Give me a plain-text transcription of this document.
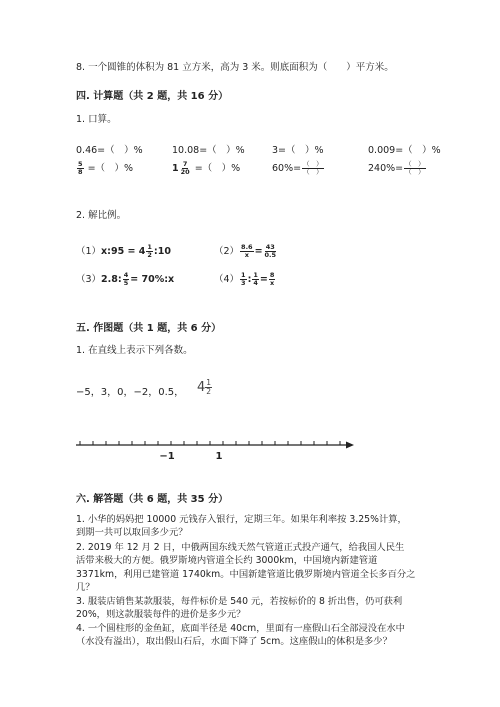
8. 一个圆锥的体积为 81 立方米，高为 3 米。则底面积为（　　）平方米。
四. 计算题（共 2 题，共 16 分）
1. 口算。
0.46=（　）%	10.08=（　）%	3=（　）%	0.009=（　）%
$\frac{5}{8}$ =（　）%	$1 \frac{7}{20}$ =（　）%	$60\%= \frac{( )}{( )}$	$240\%= \frac{( )}{( )}$
2. 解比例。
（1）x:95 = $4 \frac{1}{2}$ :10	$(2) \frac{8.6}{x} = \frac{43}{0.5}$
（3）2.8: $\frac{4}{5}$ = 70%:x	$(4) \frac{1}{3}$ : $\frac{1}{4} = \frac{8}{x}$
五. 作图题（共 1 题，共 6 分）
1. 在直线上表示下列各数。
−5，3，0，−2，0.5， $4 \frac{1}{2}$
−1	1
六. 解答题（共 6 题，共 35 分）
1. 小华的妈妈把 10000 元钱存入银行，定期三年。如果年利率按 3.25%计算，
到期一共可以取回多少元？
2. 2019 年 12 月 2 日，中俄两国东线天然气管道正式投产通气，给我国人民生
活带来极大的方便。俄罗斯境内管道全长约 3000km，中国境内新建管道
3371km，利用已建管道 1740km。中国新建管道比俄罗斯境内管道全长多百分之
几？
3. 服装店销售某款服装，每件标价是 540 元，若按标价的 8 折出售，仍可获利
20%，则这款服装每件的进价是多少元？
4. 一个圆柱形的金鱼缸，底面半径是 40cm，里面有一座假山石全部浸没在水中
（水没有溢出），取出假山石后，水面下降了 5cm。这座假山的体积是多少？
